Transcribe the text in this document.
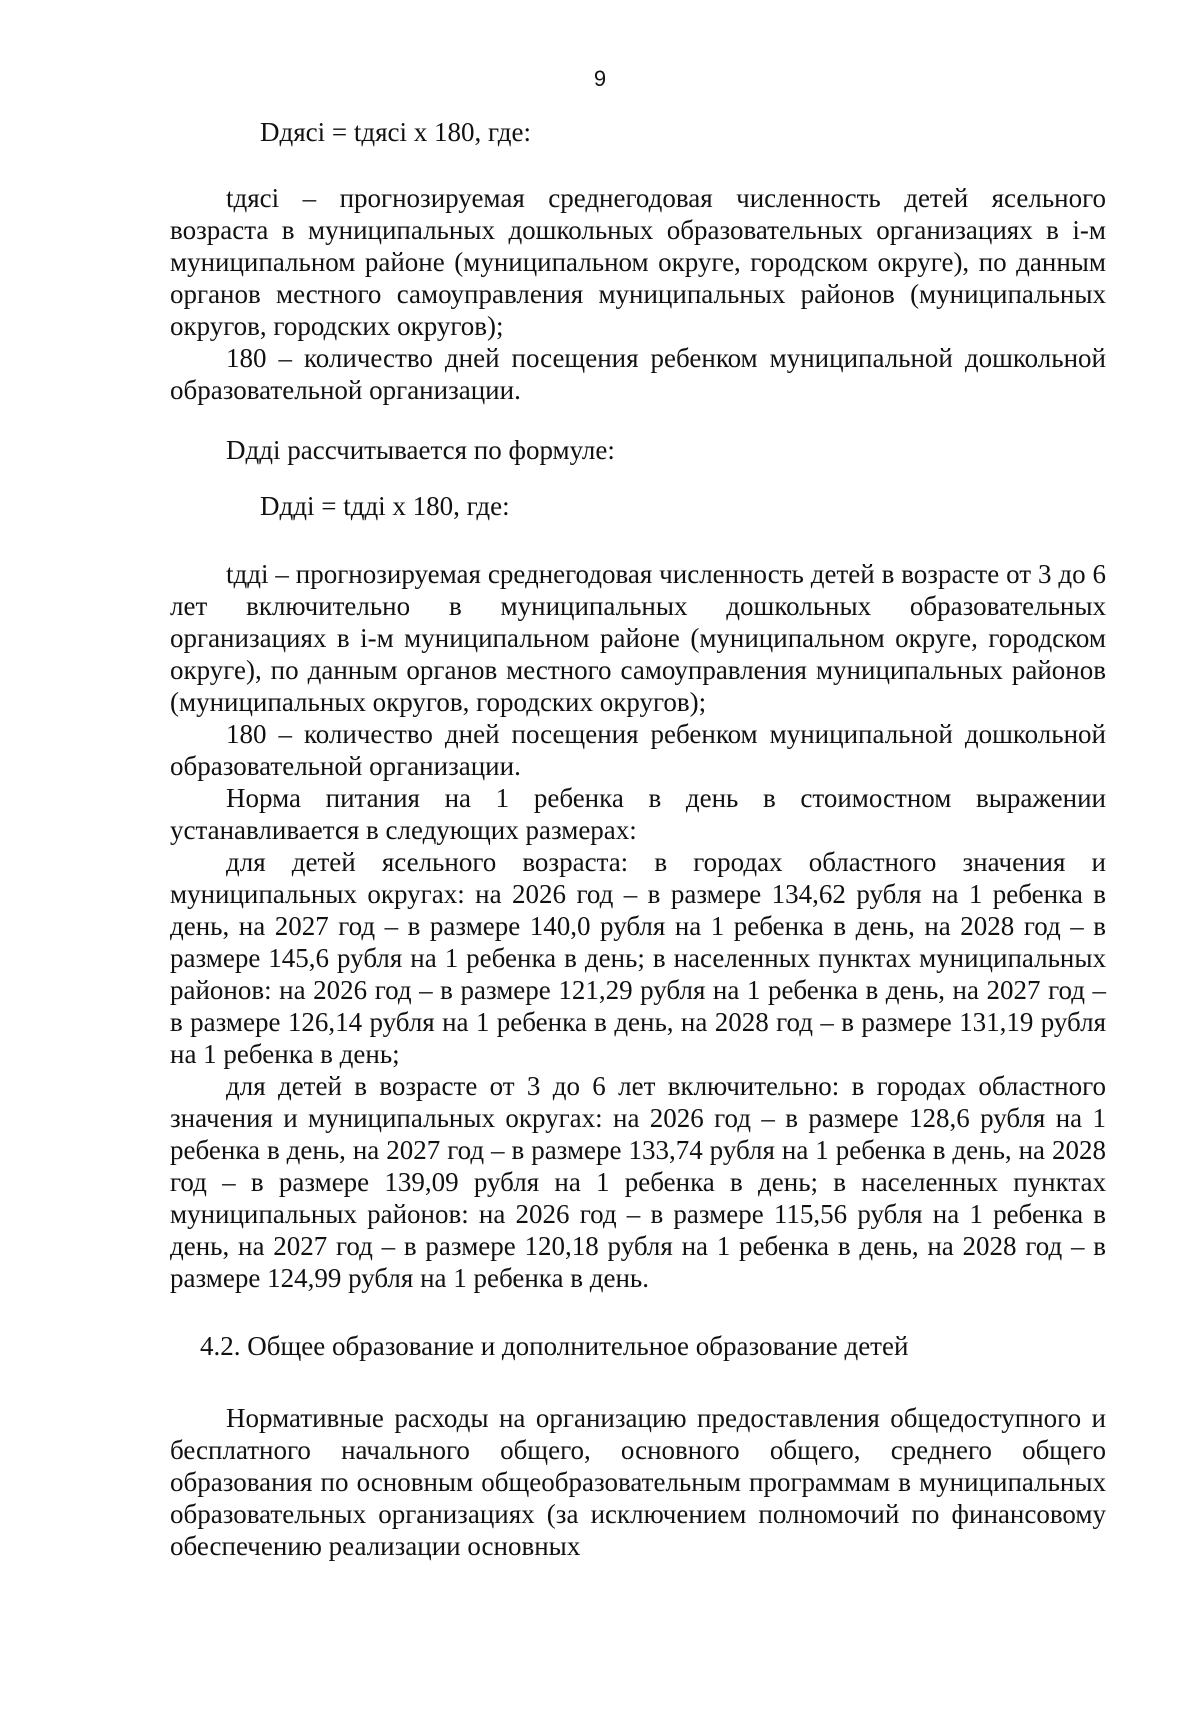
9

Dдясi = tдясi x 180, где:

tдясi – прогнозируемая среднегодовая численность детей ясельного возраста в муниципальных дошкольных образовательных организациях в i-м муниципальном районе (муниципальном округе, городском округе), по данным органов местного самоуправления муниципальных районов (муниципальных округов, городских округов);

180 – количество дней посещения ребенком муниципальной дошкольной образовательной организации.

Dддi рассчитывается по формуле:

Dддi = tддi x 180, где:

tддi – прогнозируемая среднегодовая численность детей в возрасте от 3 до 6 лет включительно в муниципальных дошкольных образовательных организациях в i-м муниципальном районе (муниципальном округе, городском округе), по данным органов местного самоуправления муниципальных районов (муниципальных округов, городских округов);

180 – количество дней посещения ребенком муниципальной дошкольной образовательной организации.

Норма питания на 1 ребенка в день в стоимостном выражении устанавливается в следующих размерах:

для детей ясельного возраста: в городах областного значения и муниципальных округах: на 2026 год – в размере 134,62 рубля на 1 ребенка в день, на 2027 год – в размере 140,0 рубля на 1 ребенка в день, на 2028 год – в размере 145,6 рубля на 1 ребенка в день; в населенных пунктах муниципальных районов: на 2026 год – в размере 121,29 рубля на 1 ребенка в день, на 2027 год – в размере 126,14 рубля на 1 ребенка в день, на 2028 год – в размере 131,19 рубля на 1 ребенка в день;

для детей в возрасте от 3 до 6 лет включительно: в городах областного значения и муниципальных округах: на 2026 год – в размере 128,6 рубля на 1 ребенка в день, на 2027 год – в размере 133,74 рубля на 1 ребенка в день, на 2028 год – в размере 139,09 рубля на 1 ребенка в день; в населенных пунктах муниципальных районов: на 2026 год – в размере 115,56 рубля на 1 ребенка в день, на 2027 год – в размере 120,18 рубля на 1 ребенка в день, на 2028 год – в размере 124,99 рубля на 1 ребенка в день.

4.2. Общее образование и дополнительное образование детей

Нормативные расходы на организацию предоставления общедоступного и бесплатного начального общего, основного общего, среднего общего образования по основным общеобразовательным программам в муниципальных образовательных организациях (за исключением полномочий по финансовому обеспечению реализации основных
